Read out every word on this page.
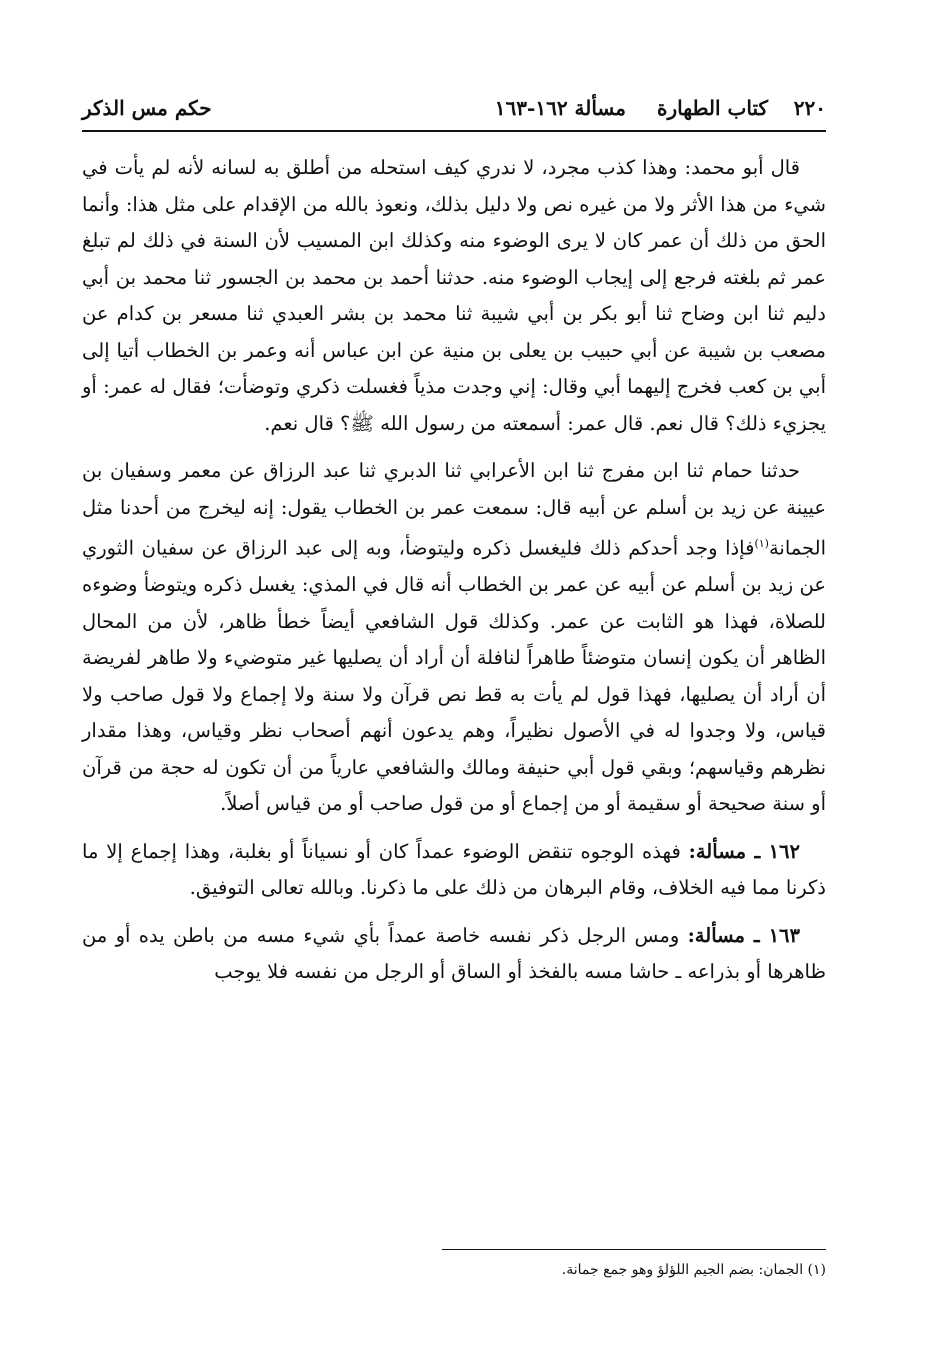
٢٢٠
كتاب الطهارة
مسألة ١٦٢-١٦٣
حكم مس الذكر

قال أبو محمد: وهذا كذب مجرد، لا ندري كيف استحله من أطلق به لسانه لأنه لم يأت في شيء من هذا الأثر ولا من غيره نص ولا دليل بذلك، ونعوذ بالله من الإقدام على مثل هذا: وأنما الحق من ذلك أن عمر كان لا يرى الوضوء منه وكذلك ابن المسيب لأن السنة في ذلك لم تبلغ عمر ثم بلغته فرجع إلى إيجاب الوضوء منه. حدثنا أحمد بن محمد بن الجسور ثنا محمد بن أبي دليم ثنا ابن وضاح ثنا أبو بكر بن أبي شيبة ثنا محمد بن بشر العبدي ثنا مسعر بن كدام عن مصعب بن شيبة عن أبي حبيب بن يعلى بن منية عن ابن عباس أنه وعمر بن الخطاب أتيا إلى أبي بن كعب فخرج إليهما أبي وقال: إني وجدت مذياً فغسلت ذكري وتوضأت؛ فقال له عمر: أو يجزيء ذلك؟ قال نعم. قال عمر: أسمعته من رسول الله ﷺ؟ قال نعم.

حدثنا حمام ثنا ابن مفرج ثنا ابن الأعرابي ثنا الدبري ثنا عبد الرزاق عن معمر وسفيان بن عيينة عن زيد بن أسلم عن أبيه قال: سمعت عمر بن الخطاب يقول: إنه ليخرج من أحدنا مثل الجمانة$^{(١)}$فإذا وجد أحدكم ذلك فليغسل ذكره وليتوضأ، وبه إلى عبد الرزاق عن سفيان الثوري عن زيد بن أسلم عن أبيه عن عمر بن الخطاب أنه قال في المذي: يغسل ذكره ويتوضأ وضوءه للصلاة، فهذا هو الثابت عن عمر. وكذلك قول الشافعي أيضاً خطأ ظاهر، لأن من المحال الظاهر أن يكون إنسان متوضئاً طاهراً لنافلة أن أراد أن يصليها غير متوضيء ولا طاهر لفريضة أن أراد أن يصليها، فهذا قول لم يأت به قط نص قرآن ولا سنة ولا إجماع ولا قول صاحب ولا قياس، ولا وجدوا له في الأصول نظيراً، وهم يدعون أنهم أصحاب نظر وقياس، وهذا مقدار نظرهم وقياسهم؛ وبقي قول أبي حنيفة ومالك والشافعي عارياً من أن تكون له حجة من قرآن أو سنة صحيحة أو سقيمة أو من إجماع أو من قول صاحب أو من قياس أصلاً.

١٦٢ ـ مسألة: فهذه الوجوه تنقض الوضوء عمداً كان أو نسياناً أو بغلبة، وهذا إجماع إلا ما ذكرنا مما فيه الخلاف، وقام البرهان من ذلك على ما ذكرنا. وبالله تعالى التوفيق.

١٦٣ ـ مسألة: ومس الرجل ذكر نفسه خاصة عمداً بأي شيء مسه من باطن يده أو من ظاهرها أو بذراعه ـ حاشا مسه بالفخذ أو الساق أو الرجل من نفسه فلا يوجب

(١) الجمان: بضم الجيم اللؤلؤ وهو جمع جمانة.
